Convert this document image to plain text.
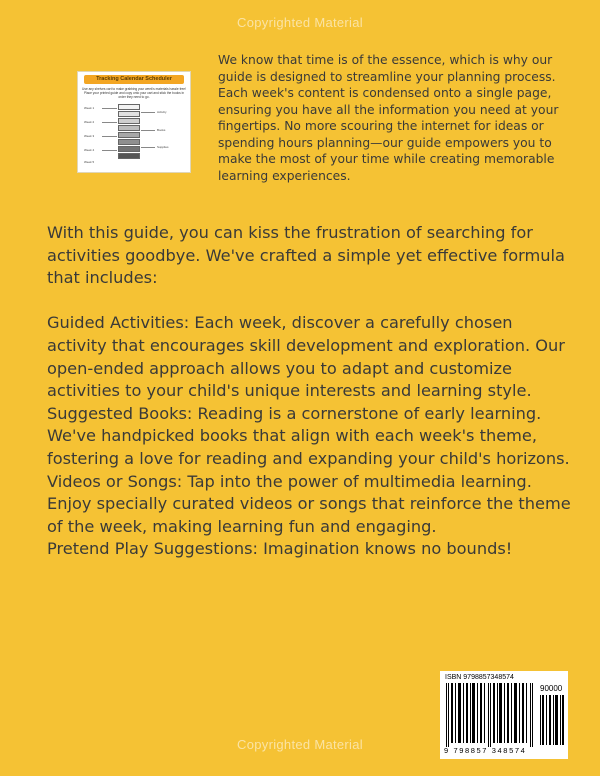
Copyrighted Material
Tracking Calendar Scheduler
Use any shelves cart to make grabbing your week's materials hassle free! Place your printed guide and copy onto your cart and stick the books in order they need to go.
Week 1
Week 2
Week 3
Week 4
Week 5
Activity
Books
Supplies
We know that time is of the essence, which is why our guide is designed to streamline your planning process. Each week's content is condensed onto a single page, ensuring you have all the information you need at your fingertips. No more scouring the internet for ideas or spending hours planning—our guide empowers you to make the most of your time while creating memorable learning experiences.

With this guide, you can kiss the frustration of searching for activities goodbye. We've crafted a simple yet effective formula that includes:

Guided Activities: Each week, discover a carefully chosen activity that encourages skill development and exploration. Our open-ended approach allows you to adapt and customize activities to your child's unique interests and learning style.

Suggested Books: Reading is a cornerstone of early learning. We've handpicked books that align with each week's theme, fostering a love for reading and expanding your child's horizons.

Videos or Songs: Tap into the power of multimedia learning. Enjoy specially curated videos or songs that reinforce the theme of the week, making learning fun and engaging.

Pretend Play Suggestions: Imagination knows no bounds!

ISBN 9798857348574
90000
9 798857 348574
Copyrighted Material
